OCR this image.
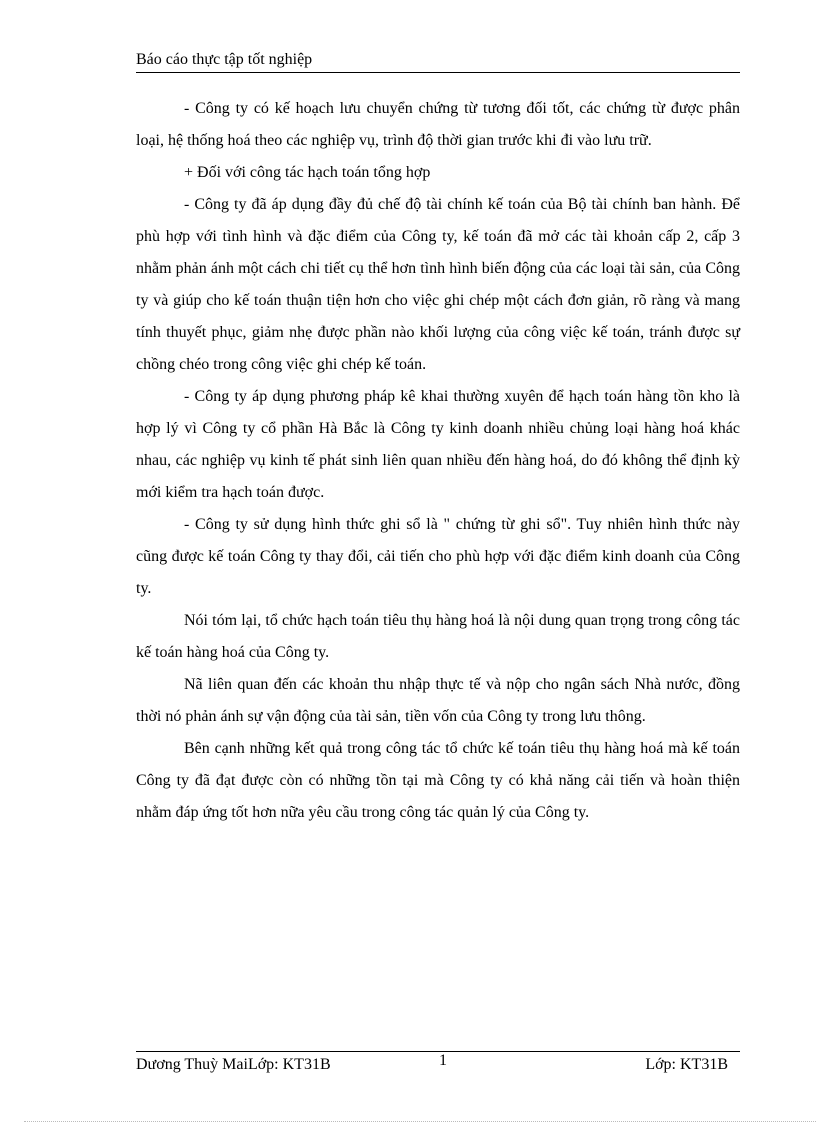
Báo cáo thực tập tốt nghiệp

- Công ty có kế hoạch lưu chuyển chứng từ tương đối tốt, các chứng từ được phân loại, hệ thống hoá theo các nghiệp vụ, trình độ thời gian trước khi đi vào lưu trữ.

+ Đối với công tác hạch toán tổng hợp

- Công ty đã áp dụng đầy đủ chế độ tài chính kế toán của Bộ tài chính ban hành. Để phù hợp với tình hình và đặc điểm của Công ty, kế toán đã mở các tài khoản cấp 2, cấp 3 nhằm phản ánh một cách chi tiết cụ thể hơn tình hình biến động của các loại tài sản, của Công ty và giúp cho kế toán thuận tiện hơn cho việc ghi chép một cách đơn giản, rõ ràng và mang tính thuyết phục, giảm nhẹ được phần nào khối lượng của công việc kế toán, tránh được sự chồng chéo trong công việc ghi chép kế toán.

- Công ty áp dụng phương pháp kê khai thường xuyên để hạch toán hàng tồn kho là hợp lý vì Công ty cổ phần Hà Bắc là Công ty kinh doanh nhiều chủng loại hàng hoá khác nhau, các nghiệp vụ kinh tế phát sinh liên quan nhiều đến hàng hoá, do đó không thể định kỳ mới kiểm tra hạch toán được.

- Công ty sử dụng hình thức ghi sổ là " chứng từ ghi sổ". Tuy nhiên hình thức này cũng được kế toán Công ty thay đổi, cải tiến cho phù hợp với đặc điểm kinh doanh của Công ty.

Nói tóm lại, tổ chức hạch toán tiêu thụ hàng hoá là nội dung quan trọng trong công tác kế toán hàng hoá của Công ty.

Nã liên quan đến các khoản thu nhập thực tế và nộp cho ngân sách Nhà nước, đồng thời nó phản ánh sự vận động của tài sản, tiền vốn của Công ty trong lưu thông.

Bên cạnh những kết quả trong công tác tổ chức kế toán tiêu thụ hàng hoá mà kế toán Công ty đã đạt được còn có những tồn tại mà Công ty có khả năng cải tiến và hoàn thiện nhằm đáp ứng tốt hơn nữa yêu cầu trong công tác quản lý của Công ty.

Dương Thuỳ MaiLớp: KT31B	1	Lớp: KT31B
